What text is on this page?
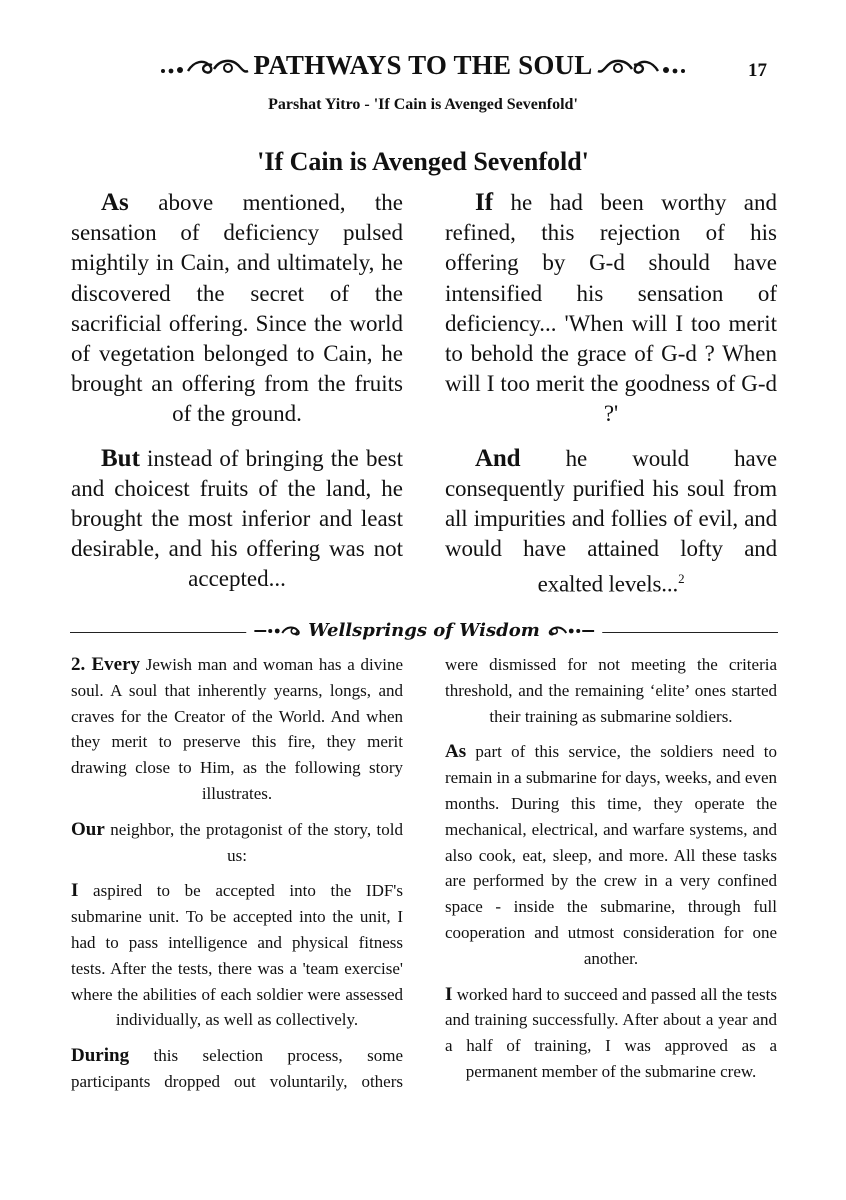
PATHWAYS TO THE SOUL	17
Parshat Yitro - 'If Cain is Avenged Sevenfold'
'If Cain is Avenged Sevenfold'

As above mentioned, the sensation of deficiency pulsed mightily in Cain, and ultimately, he discovered the secret of the sacrificial offering. Since the world of vegetation belonged to Cain, he brought an offering from the fruits of the ground.

But instead of bringing the best and choicest fruits of the land, he brought the most inferior and least desirable, and his offering was not accepted...

If he had been worthy and refined, this rejection of his offering by G-d should have intensified his sensation of deficiency... 'When will I too merit to behold the grace of G-d ? When will I too merit the goodness of G-d ?'

And he would have consequently purified his soul from all impurities and follies of evil, and would have attained lofty and exalted levels...$^2$

Wellsprings of Wisdom

2. Every Jewish man and woman has a divine soul. A soul that inherently yearns, longs, and craves for the Creator of the World. And when they merit to preserve this fire, they merit drawing close to Him, as the following story illustrates.

Our neighbor, the protagonist of the story, told us:

I aspired to be accepted into the IDF's submarine unit. To be accepted into the unit, I had to pass intelligence and physical fitness tests. After the tests, there was a 'team exercise' where the abilities of each soldier were assessed individually, as well as collectively.

During this selection process, some participants dropped out voluntarily, others

were dismissed for not meeting the criteria threshold, and the remaining ‘elite’ ones started their training as submarine soldiers.

As part of this service, the soldiers need to remain in a submarine for days, weeks, and even months. During this time, they operate the mechanical, electrical, and warfare systems, and also cook, eat, sleep, and more. All these tasks are performed by the crew in a very confined space - inside the submarine, through full cooperation and utmost consideration for one another.

I worked hard to succeed and passed all the tests and training successfully. After about a year and a half of training, I was approved as a permanent member of the submarine crew.
